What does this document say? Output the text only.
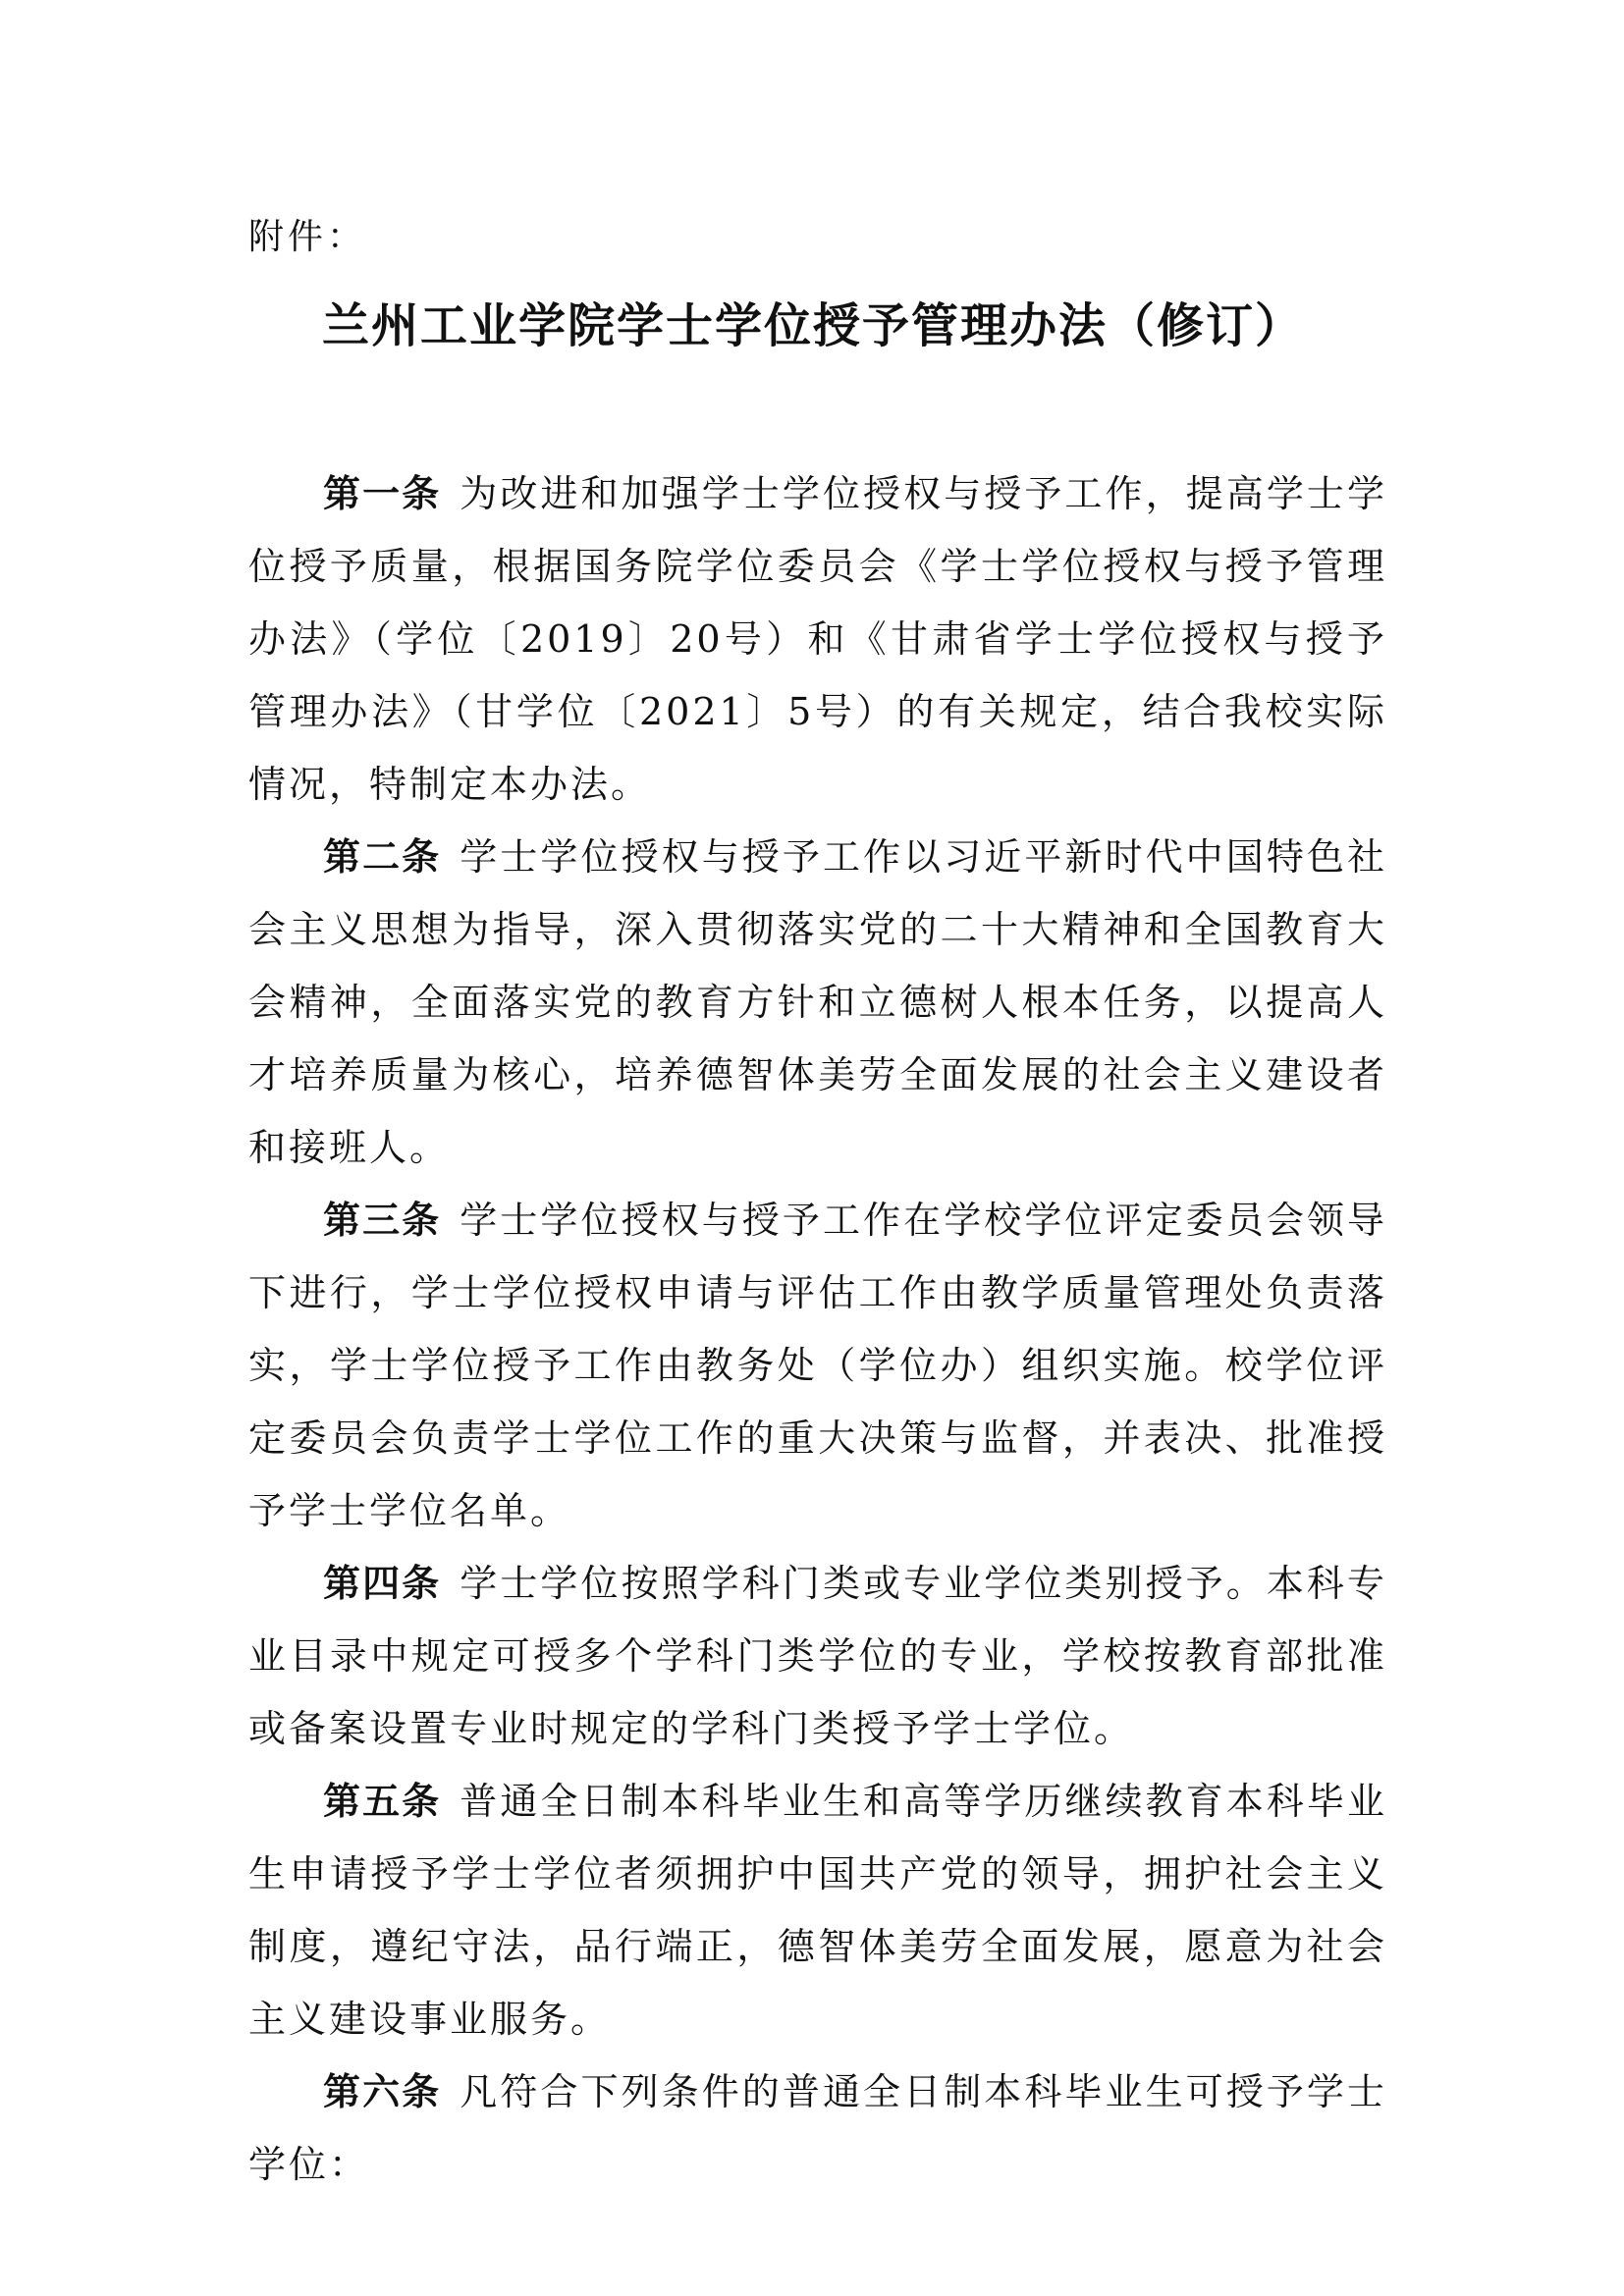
附件：
兰州工业学院学士学位授予管理办法（修订）

第一条 为改进和加强学士学位授权与授予工作，提高学士学位授予质量，根据国务院学位委员会《学士学位授权与授予管理办法》（学位〔2019〕20号）和《甘肃省学士学位授权与授予管理办法》（甘学位〔2021〕5号）的有关规定，结合我校实际情况，特制定本办法。

第二条 学士学位授权与授予工作以习近平新时代中国特色社会主义思想为指导，深入贯彻落实党的二十大精神和全国教育大会精神，全面落实党的教育方针和立德树人根本任务，以提高人才培养质量为核心，培养德智体美劳全面发展的社会主义建设者和接班人。

第三条 学士学位授权与授予工作在学校学位评定委员会领导下进行，学士学位授权申请与评估工作由教学质量管理处负责落实，学士学位授予工作由教务处（学位办）组织实施。校学位评定委员会负责学士学位工作的重大决策与监督，并表决、批准授予学士学位名单。

第四条 学士学位按照学科门类或专业学位类别授予。本科专业目录中规定可授多个学科门类学位的专业，学校按教育部批准或备案设置专业时规定的学科门类授予学士学位。

第五条 普通全日制本科毕业生和高等学历继续教育本科毕业生申请授予学士学位者须拥护中国共产党的领导，拥护社会主义制度，遵纪守法，品行端正，德智体美劳全面发展，愿意为社会主义建设事业服务。

第六条 凡符合下列条件的普通全日制本科毕业生可授予学士学位：
